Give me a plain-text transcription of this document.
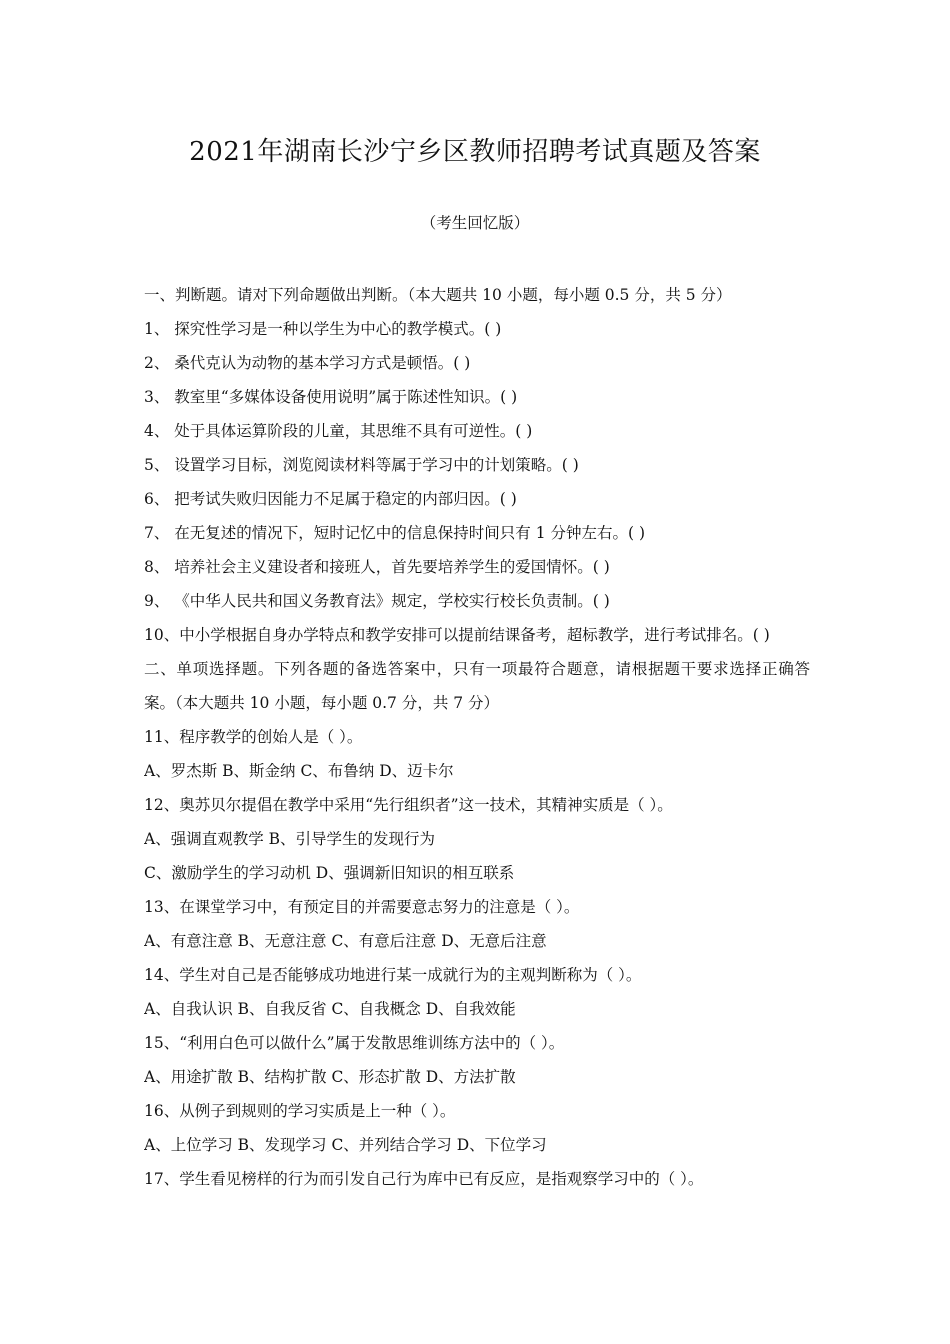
2021年湖南长沙宁乡区教师招聘考试真题及答案
（考生回忆版）
一、判断题。请对下列命题做出判断。（本大题共 10 小题，每小题 0.5 分，共 5 分）
1、 探究性学习是一种以学生为中心的教学模式。( )
2、 桑代克认为动物的基本学习方式是顿悟。( )
3、 教室里“多媒体设备使用说明”属于陈述性知识。( )
4、 处于具体运算阶段的儿童，其思维不具有可逆性。( )
5、 设置学习目标，浏览阅读材料等属于学习中的计划策略。( )
6、 把考试失败归因能力不足属于稳定的内部归因。( )
7、 在无复述的情况下，短时记忆中的信息保持时间只有 1 分钟左右。( )
8、 培养社会主义建设者和接班人，首先要培养学生的爱国情怀。( )
9、 《中华人民共和国义务教育法》规定，学校实行校长负责制。( )
10、中小学根据自身办学特点和教学安排可以提前结课备考，超标教学，进行考试排名。( )
二、单项选择题。下列各题的备选答案中，只有一项最符合题意，请根据题干要求选择正确答案。（本大题共 10 小题，每小题 0.7 分，共 7 分）
11、程序教学的创始人是（ ）。
A、罗杰斯 B、斯金纳 C、布鲁纳 D、迈卡尔
12、奥苏贝尔提倡在教学中采用“先行组织者”这一技术，其精神实质是（ ）。
A、强调直观教学 B、引导学生的发现行为
C、激励学生的学习动机 D、强调新旧知识的相互联系
13、在课堂学习中，有预定目的并需要意志努力的注意是（ ）。
A、有意注意 B、无意注意 C、有意后注意 D、无意后注意
14、学生对自己是否能够成功地进行某一成就行为的主观判断称为（ ）。
A、自我认识 B、自我反省 C、自我概念 D、自我效能
15、“利用白色可以做什么”属于发散思维训练方法中的（ ）。
A、用途扩散 B、结构扩散 C、形态扩散 D、方法扩散
16、从例子到规则的学习实质是上一种（ ）。
A、上位学习 B、发现学习 C、并列结合学习 D、下位学习
17、学生看见榜样的行为而引发自己行为库中已有反应，是指观察学习中的（ ）。
